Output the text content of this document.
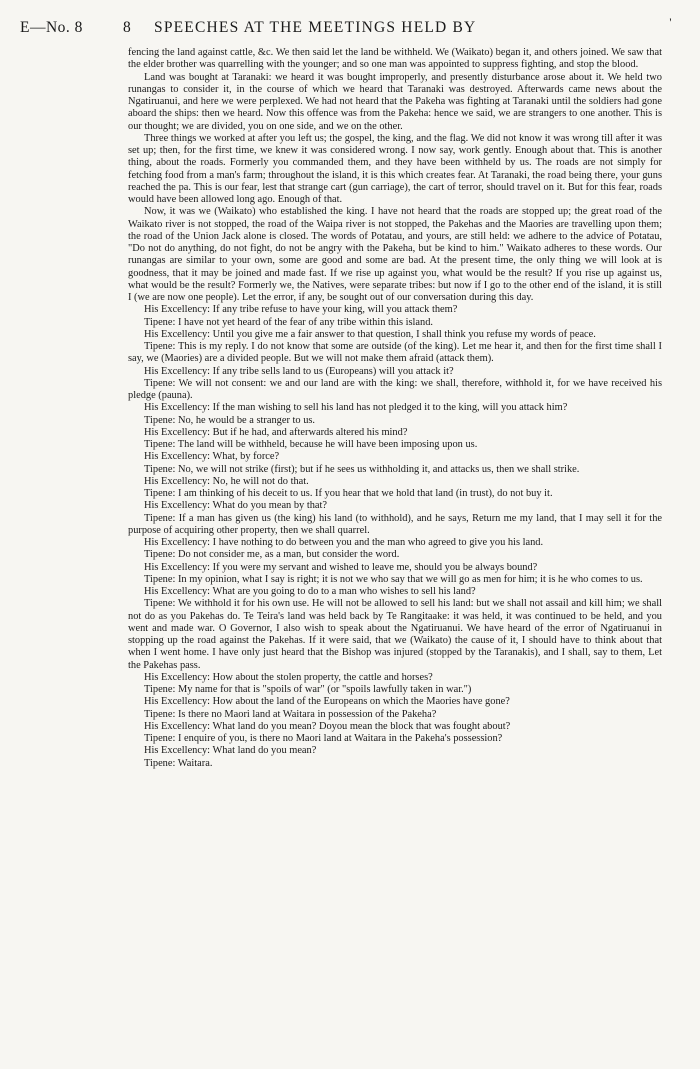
E—No. 8	8 SPEECHES AT THE MEETINGS HELD BY	'

fencing the land against cattle, &c. We then said let the land be withheld. We (Waikato) began it, and others joined. We saw that the elder brother was quarrelling with the younger; and so one man was appointed to suppress fighting, and stop the blood.

Land was bought at Taranaki: we heard it was bought improperly, and presently disturbance arose about it. We held two runangas to consider it, in the course of which we heard that Taranaki was destroyed. Afterwards came news about the Ngatiruanui, and here we were perplexed. We had not heard that the Pakeha was fighting at Taranaki until the soldiers had gone aboard the ships: then we heard. Now this offence was from the Pakeha: hence we said, we are strangers to one another. This is our thought; we are divided, you on one side, and we on the other.

Three things we worked at after you left us; the gospel, the king, and the flag. We did not know it was wrong till after it was set up; then, for the first time, we knew it was considered wrong. I now say, work gently. Enough about that. This is another thing, about the roads. Formerly you commanded them, and they have been withheld by us. The roads are not simply for fetching food from a man's farm; throughout the island, it is this which creates fear. At Taranaki, the road being there, your guns reached the pa. This is our fear, lest that strange cart (gun carriage), the cart of terror, should travel on it. But for this fear, roads would have been allowed long ago. Enough of that.

Now, it was we (Waikato) who established the king. I have not heard that the roads are stopped up; the great road of the Waikato river is not stopped, the road of the Waipa river is not stopped, the Pakehas and the Maories are travelling upon them; the road of the Union Jack alone is closed. The words of Potatau, and yours, are still held: we adhere to the advice of Potatau, "Do not do anything, do not fight, do not be angry with the Pakeha, but be kind to him." Waikato adheres to these words. Our runangas are similar to your own, some are good and some are bad. At the present time, the only thing we will look at is goodness, that it may be joined and made fast. If we rise up against you, what would be the result? If you rise up against us, what would be the result? Formerly we, the Natives, were separate tribes: but now if I go to the other end of the island, it is still I (we are now one people). Let the error, if any, be sought out of our conversation during this day.

His Excellency: If any tribe refuse to have your king, will you attack them?

Tipene: I have not yet heard of the fear of any tribe within this island.

His Excellency: Until you give me a fair answer to that question, I shall think you refuse my words of peace.

Tipene: This is my reply. I do not know that some are outside (of the king). Let me hear it, and then for the first time shall I say, we (Maories) are a divided people. But we will not make them afraid (attack them).

His Excellency: If any tribe sells land to us (Europeans) will you attack it?

Tipene: We will not consent: we and our land are with the king: we shall, therefore, withhold it, for we have received his pledge (pauna).

His Excellency: If the man wishing to sell his land has not pledged it to the king, will you attack him?

Tipene: No, he would be a stranger to us.

His Excellency: But if he had, and afterwards altered his mind?

Tipene: The land will be withheld, because he will have been imposing upon us.

His Excellency: What, by force?

Tipene: No, we will not strike (first); but if he sees us withholding it, and attacks us, then we shall strike.

His Excellency: No, he will not do that.

Tipene: I am thinking of his deceit to us. If you hear that we hold that land (in trust), do not buy it.

His Excellency: What do you mean by that?

Tipene: If a man has given us (the king) his land (to withhold), and he says, Return me my land, that I may sell it for the purpose of acquiring other property, then we shall quarrel.

His Excellency: I have nothing to do between you and the man who agreed to give you his land.

Tipene: Do not consider me, as a man, but consider the word.

His Excellency: If you were my servant and wished to leave me, should you be always bound?

Tipene: In my opinion, what I say is right; it is not we who say that we will go as men for him; it is he who comes to us.

His Excellency: What are you going to do to a man who wishes to sell his land?

Tipene: We withhold it for his own use. He will not be allowed to sell his land: but we shall not assail and kill him; we shall not do as you Pakehas do. Te Teira's land was held back by Te Rangitaake: it was held, it was continued to be held, and you went and made war. O Governor, I also wish to speak about the Ngatiruanui. We have heard of the error of Ngatiruanui in stopping up the road against the Pakehas. If it were said, that we (Waikato) the cause of it, I should have to think about that when I went home. I have only just heard that the Bishop was injured (stopped by the Taranakis), and I shall, say to them, Let the Pakehas pass.

His Excellency: How about the stolen property, the cattle and horses?

Tipene: My name for that is "spoils of war" (or "spoils lawfully taken in war.")

His Excellency: How about the land of the Europeans on which the Maories have gone?

Tipene: Is there no Maori land at Waitara in possession of the Pakeha?

His Excellency: What land do you mean? Doyou mean the block that was fought about?

Tipene: I enquire of you, is there no Maori land at Waitara in the Pakeha's possession?

His Excellency: What land do you mean?

Tipene: Waitara.
